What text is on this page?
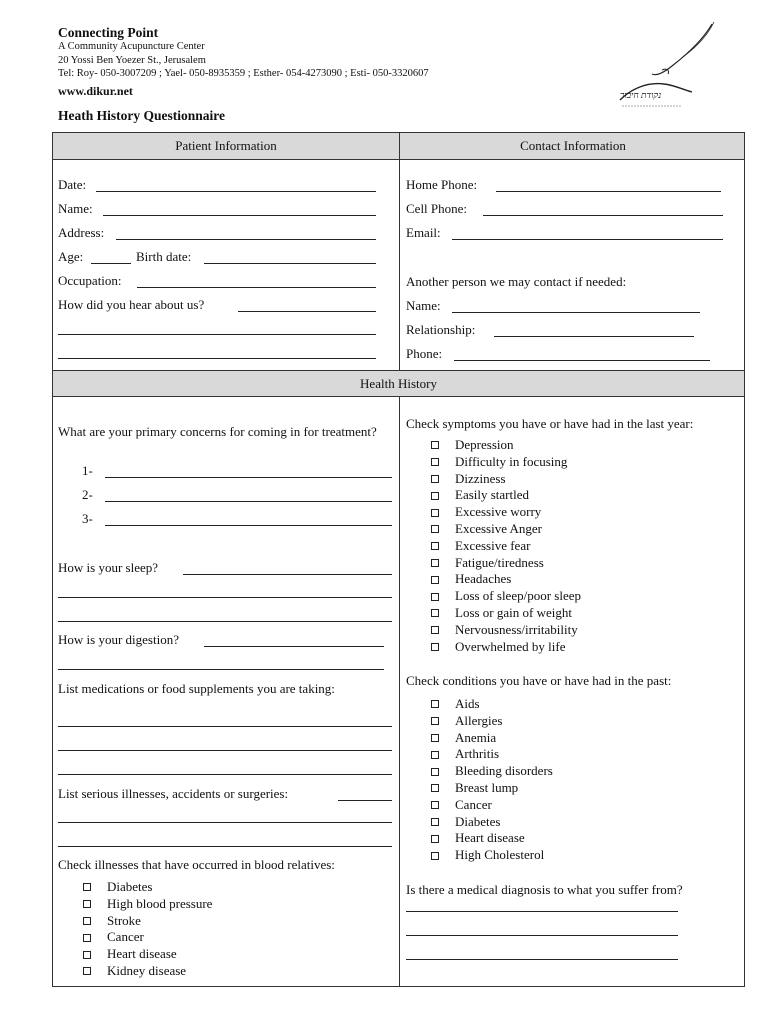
Connecting Point
A Community Acupuncture Center
20 Yossi Ben Yoezer St., Jerusalem
Tel: Roy- 050-3007209 ; Yael- 050-8935359 ; Esther- 054-4273090 ; Esti- 050-3320607
www.dikur.net	נקודת חיבור
Heath History Questionnaire
Patient Information	Contact Information
Health History
Date:
Name:
Address:
Age:	Birth date:
Occupation:
How did you hear about us?
Home Phone:
Cell Phone:
Email:
Another person we may contact if needed:
Name:
Relationship:
Phone:
What are your primary concerns for coming in for treatment?
1-
2-
3-
How is your sleep?
How is your digestion?
List medications or food supplements you are taking:
List serious illnesses, accidents or surgeries:
Check illnesses that have occurred in blood relatives:
Diabetes
High blood pressure
Stroke
Cancer
Heart disease
Kidney disease
Check symptoms you have or have had in the last year:
Depression
Difficulty in focusing
Dizziness
Easily startled
Excessive worry
Excessive Anger
Excessive fear
Fatigue/tiredness
Headaches
Loss of sleep/poor sleep
Loss or gain of weight
Nervousness/irritability
Overwhelmed by life
Check conditions you have or have had in the past:
Aids
Allergies
Anemia
Arthritis
Bleeding disorders
Breast lump
Cancer
Diabetes
Heart disease
High Cholesterol
Is there a medical diagnosis to what you suffer from?
